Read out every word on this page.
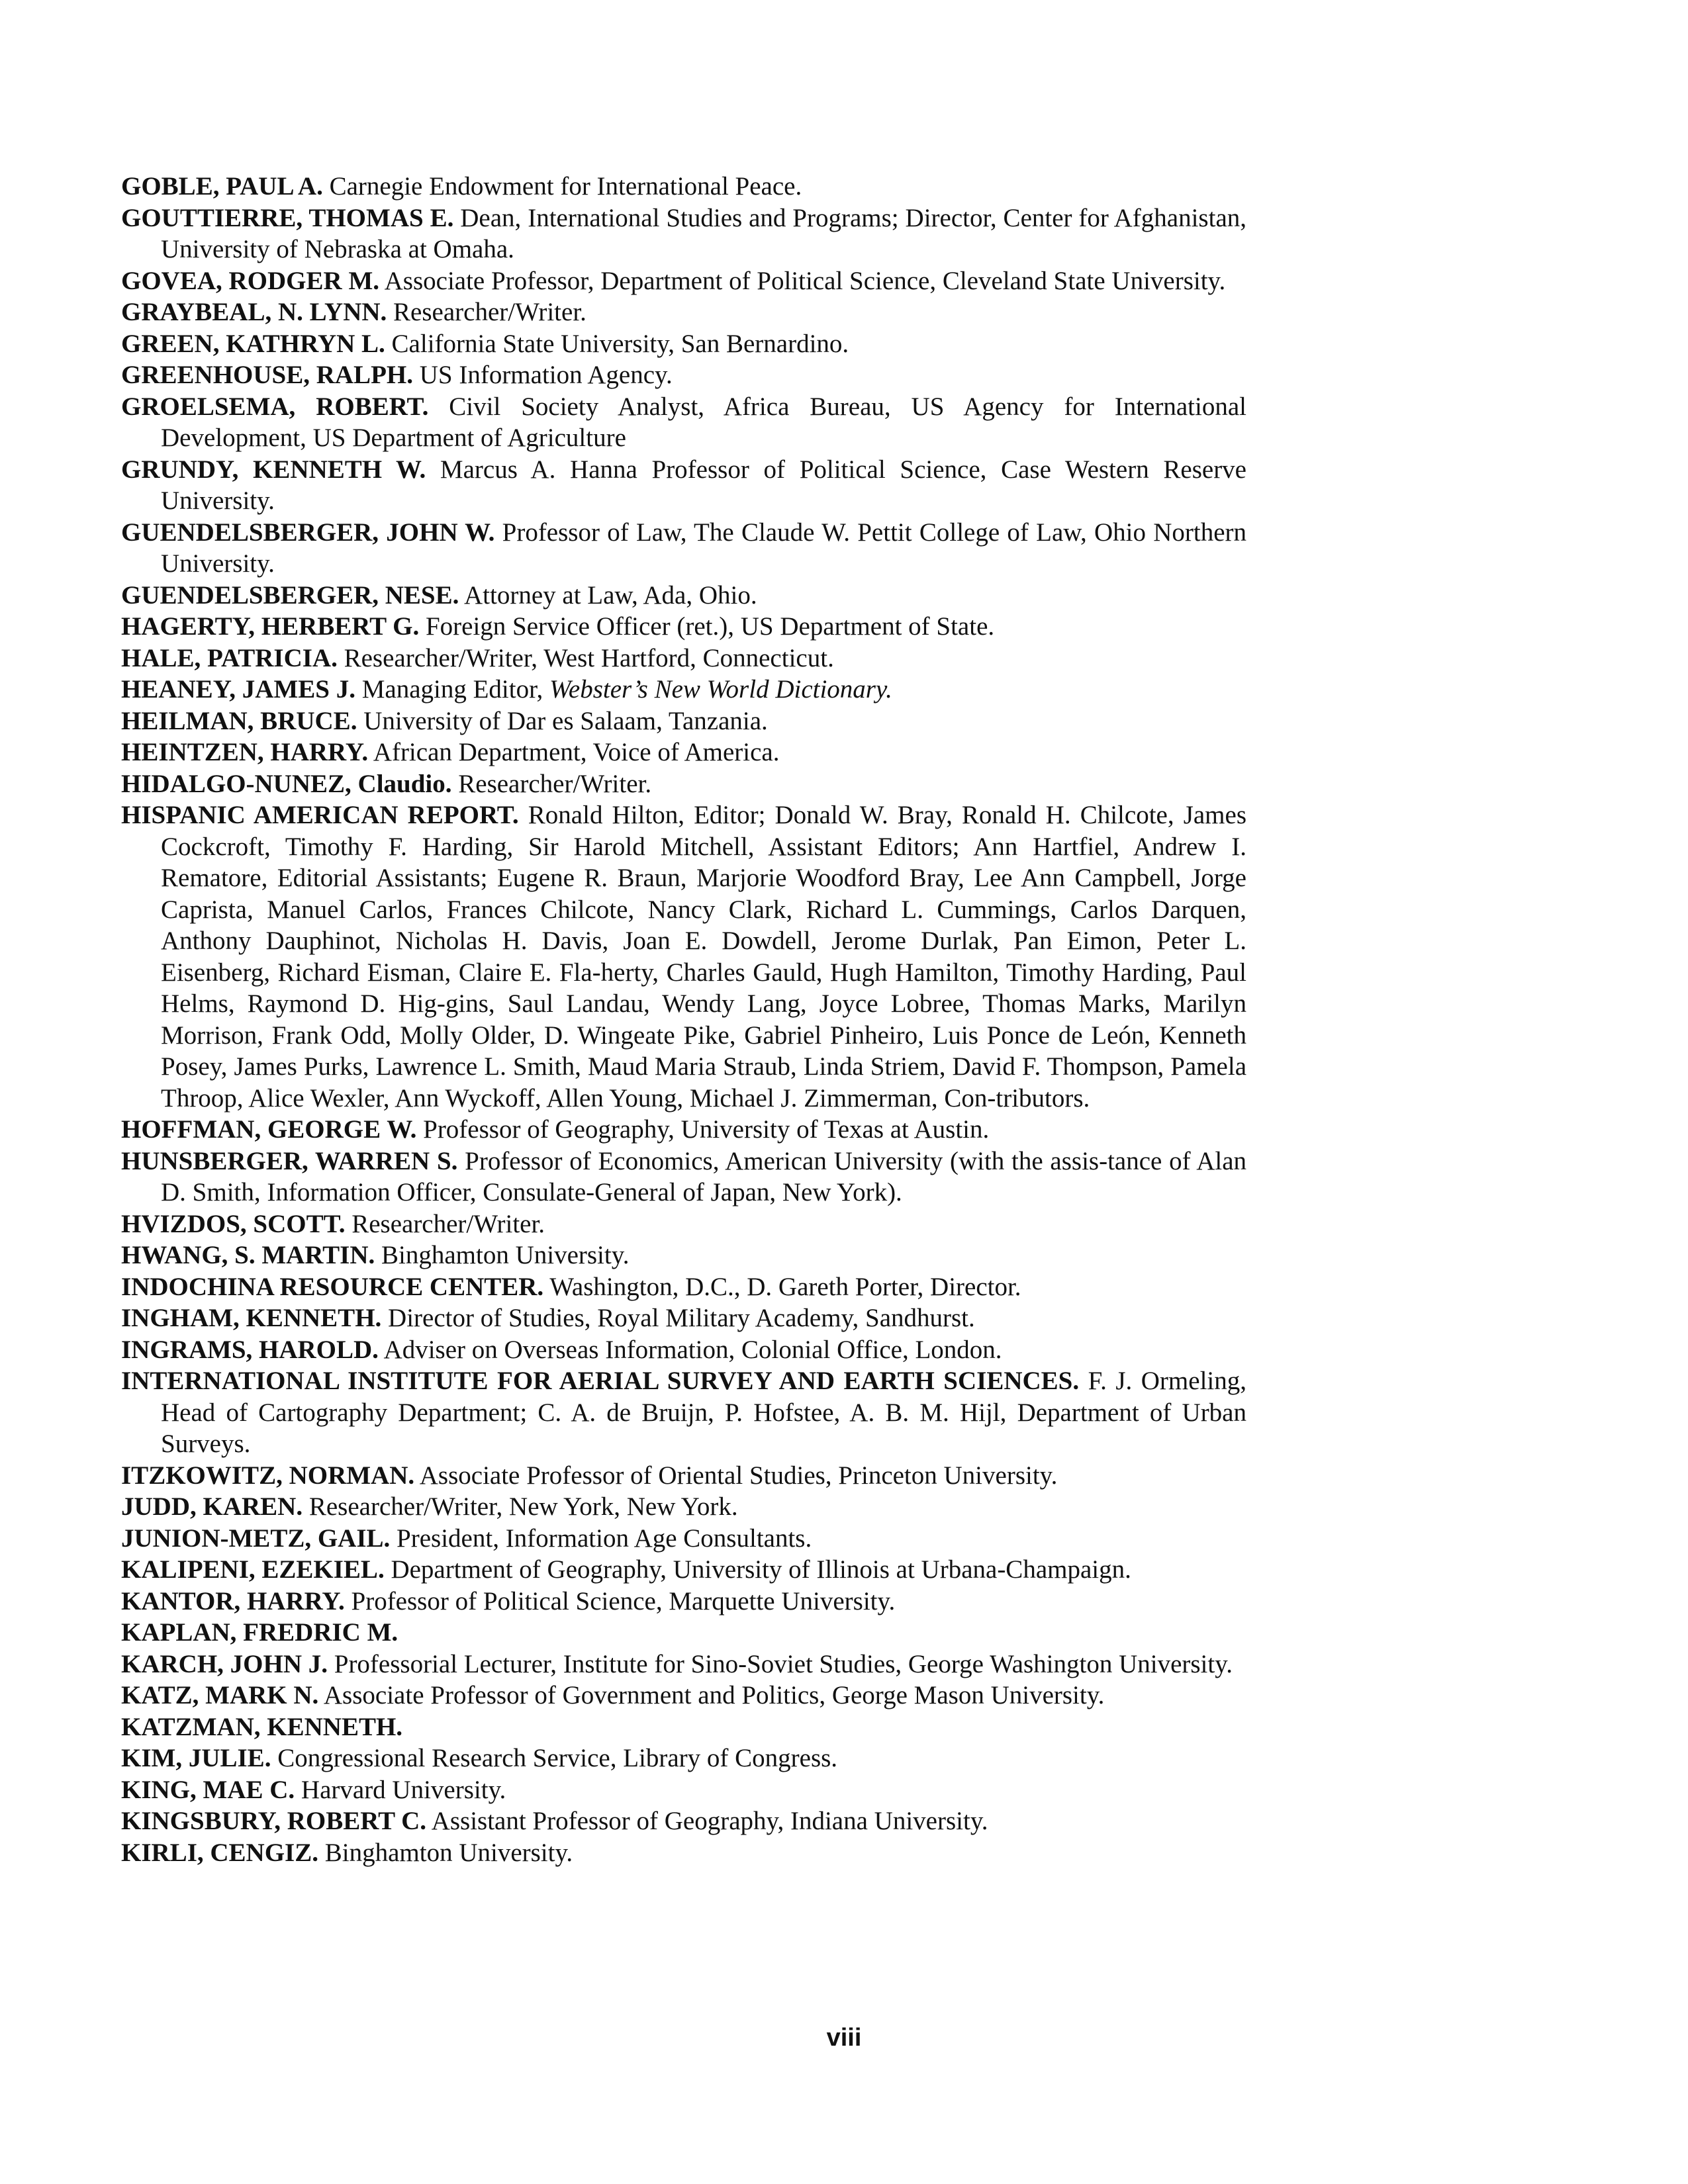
GOBLE, PAUL A. Carnegie Endowment for International Peace.
GOUTTIERRE, THOMAS E. Dean, International Studies and Programs; Director, Center for Afghanistan, University of Nebraska at Omaha.
GOVEA, RODGER M. Associate Professor, Department of Political Science, Cleveland State University.
GRAYBEAL, N. LYNN. Researcher/Writer.
GREEN, KATHRYN L. California State University, San Bernardino.
GREENHOUSE, RALPH. US Information Agency.
GROELSEMA, ROBERT. Civil Society Analyst, Africa Bureau, US Agency for International Development, US Department of Agriculture
GRUNDY, KENNETH W. Marcus A. Hanna Professor of Political Science, Case Western Reserve University.
GUENDELSBERGER, JOHN W. Professor of Law, The Claude W. Pettit College of Law, Ohio Northern University.
GUENDELSBERGER, NESE. Attorney at Law, Ada, Ohio.
HAGERTY, HERBERT G. Foreign Service Officer (ret.), US Department of State.
HALE, PATRICIA. Researcher/Writer, West Hartford, Connecticut.
HEANEY, JAMES J. Managing Editor, Webster’s New World Dictionary.
HEILMAN, BRUCE. University of Dar es Salaam, Tanzania.
HEINTZEN, HARRY. African Department, Voice of America.
HIDALGO-NUNEZ, Claudio. Researcher/Writer.
HISPANIC AMERICAN REPORT. Ronald Hilton, Editor; Donald W. Bray, Ronald H. Chilcote, James Cockcroft, Timothy F. Harding, Sir Harold Mitchell, Assistant Editors; Ann Hartfiel, Andrew I. Rematore, Editorial Assistants; Eugene R. Braun, Marjorie Woodford Bray, Lee Ann Campbell, Jorge Caprista, Manuel Carlos, Frances Chilcote, Nancy Clark, Richard L. Cummings, Carlos Darquen, Anthony Dauphinot, Nicholas H. Davis, Joan E. Dowdell, Jerome Durlak, Pan Eimon, Peter L. Eisenberg, Richard Eisman, Claire E. Fla-herty, Charles Gauld, Hugh Hamilton, Timothy Harding, Paul Helms, Raymond D. Hig-gins, Saul Landau, Wendy Lang, Joyce Lobree, Thomas Marks, Marilyn Morrison, Frank Odd, Molly Older, D. Wingeate Pike, Gabriel Pinheiro, Luis Ponce de León, Kenneth Posey, James Purks, Lawrence L. Smith, Maud Maria Straub, Linda Striem, David F. Thompson, Pamela Throop, Alice Wexler, Ann Wyckoff, Allen Young, Michael J. Zimmerman, Con-tributors.
HOFFMAN, GEORGE W. Professor of Geography, University of Texas at Austin.
HUNSBERGER, WARREN S. Professor of Economics, American University (with the assis-tance of Alan D. Smith, Information Officer, Consulate-General of Japan, New York).
HVIZDOS, SCOTT. Researcher/Writer.
HWANG, S. MARTIN. Binghamton University.
INDOCHINA RESOURCE CENTER. Washington, D.C., D. Gareth Porter, Director.
INGHAM, KENNETH. Director of Studies, Royal Military Academy, Sandhurst.
INGRAMS, HAROLD. Adviser on Overseas Information, Colonial Office, London.
INTERNATIONAL INSTITUTE FOR AERIAL SURVEY AND EARTH SCIENCES. F. J. Ormeling, Head of Cartography Department; C. A. de Bruijn, P. Hofstee, A. B. M. Hijl, Department of Urban Surveys.
ITZKOWITZ, NORMAN. Associate Professor of Oriental Studies, Princeton University.
JUDD, KAREN. Researcher/Writer, New York, New York.
JUNION-METZ, GAIL. President, Information Age Consultants.
KALIPENI, EZEKIEL. Department of Geography, University of Illinois at Urbana-Champaign.
KANTOR, HARRY. Professor of Political Science, Marquette University.
KAPLAN, FREDRIC M.
KARCH, JOHN J. Professorial Lecturer, Institute for Sino-Soviet Studies, George Washington University.
KATZ, MARK N. Associate Professor of Government and Politics, George Mason University.
KATZMAN, KENNETH.
KIM, JULIE. Congressional Research Service, Library of Congress.
KING, MAE C. Harvard University.
KINGSBURY, ROBERT C. Assistant Professor of Geography, Indiana University.
KIRLI, CENGIZ. Binghamton University.
viii
